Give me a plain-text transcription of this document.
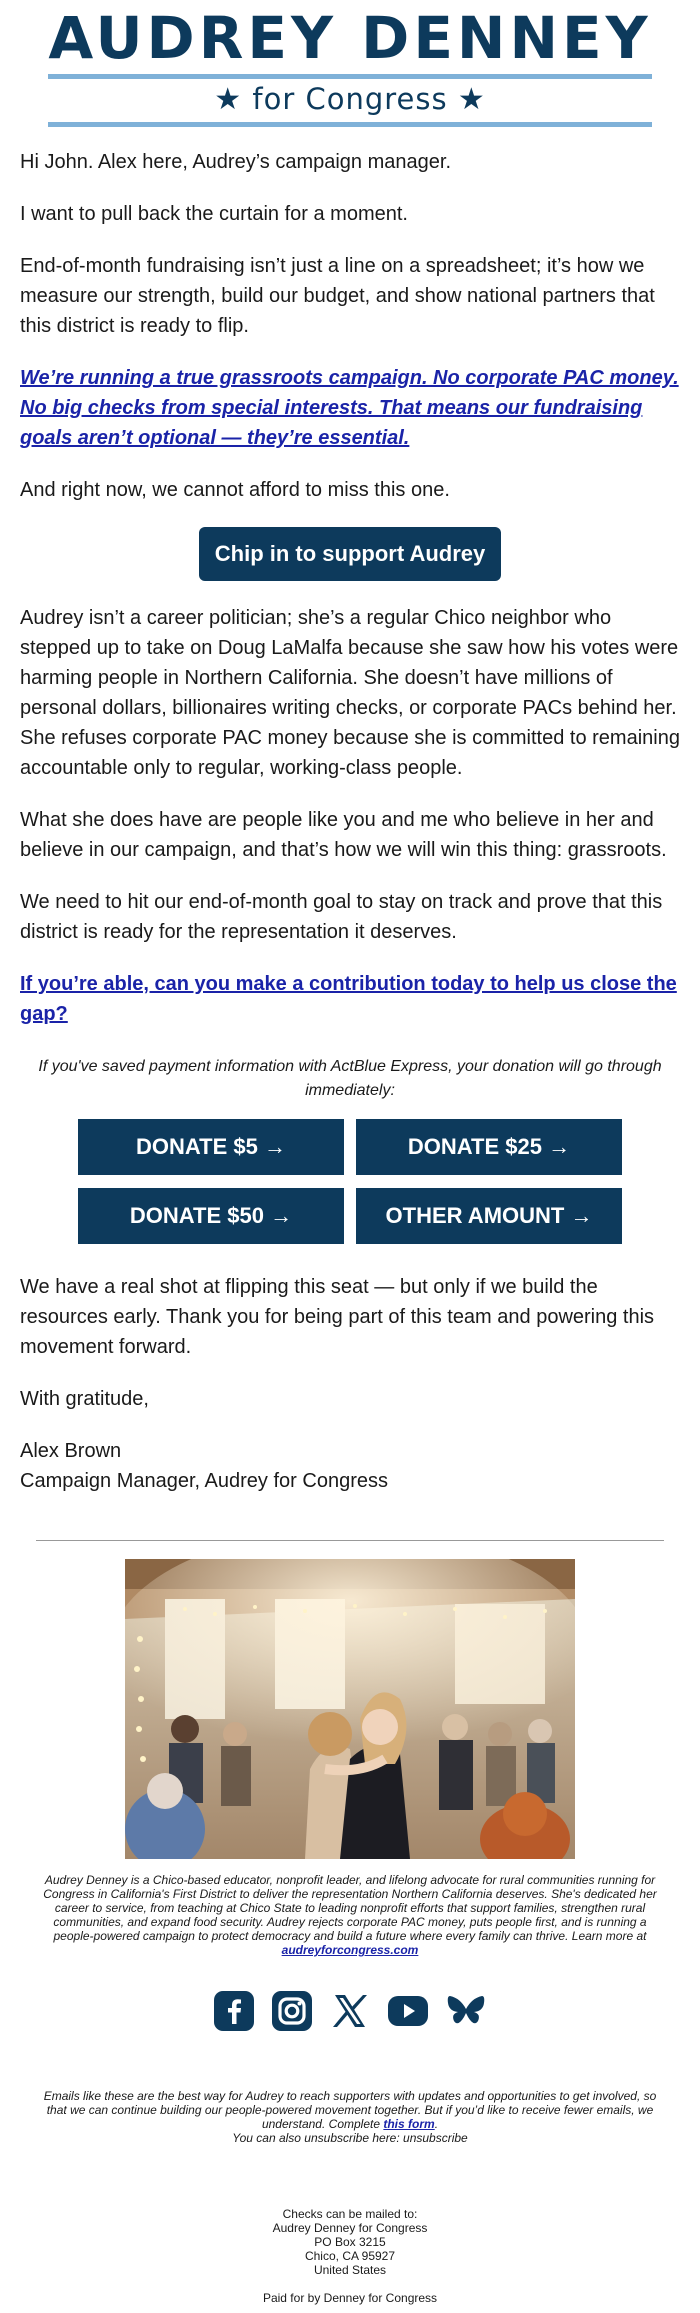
AUDREY DENNEY
★ for Congress ★

Hi John. Alex here, Audrey’s campaign manager.

I want to pull back the curtain for a moment.

End-of-month fundraising isn’t just a line on a spreadsheet; it’s how we measure our strength, build our budget, and show national partners that this district is ready to flip.

We’re running a true grassroots campaign. No corporate PAC money. No big checks from special interests. That means our fundraising goals aren’t optional — they’re essential.

And right now, we cannot afford to miss this one.

Chip in to support Audrey

Audrey isn’t a career politician; she’s a regular Chico neighbor who stepped up to take on Doug LaMalfa because she saw how his votes were harming people in Northern California. She doesn’t have millions of personal dollars, billionaires writing checks, or corporate PACs behind her. She refuses corporate PAC money because she is committed to remaining accountable only to regular, working-class people.

What she does have are people like you and me who believe in her and believe in our campaign, and that’s how we will win this thing: grassroots.

We need to hit our end-of-month goal to stay on track and prove that this district is ready for the representation it deserves.

If you’re able, can you make a contribution today to help us close the gap?

If you've saved payment information with ActBlue Express, your donation will go through immediately:

DONATE $5 →	DONATE $25 →
DONATE $50 →	OTHER AMOUNT →

We have a real shot at flipping this seat — but only if we build the resources early. Thank you for being part of this team and powering this movement forward.

With gratitude,

Alex Brown
Campaign Manager, Audrey for Congress

Audrey Denney is a Chico-based educator, nonprofit leader, and lifelong advocate for rural communities running for Congress in California's First District to deliver the representation Northern California deserves. She's dedicated her career to service, from teaching at Chico State to leading nonprofit efforts that support families, strengthen rural communities, and expand food security. Audrey rejects corporate PAC money, puts people first, and is running a people-powered campaign to protect democracy and build a future where every family can thrive. Learn more at audreyforcongress.com

Emails like these are the best way for Audrey to reach supporters with updates and opportunities to get involved, so that we can continue building our people-powered movement together. But if you’d like to receive fewer emails, we understand. Complete this form.
You can also unsubscribe here: unsubscribe
Checks can be mailed to:
Audrey Denney for Congress
PO Box 3215
Chico, CA 95927
United States
Paid for by Denney for Congress
